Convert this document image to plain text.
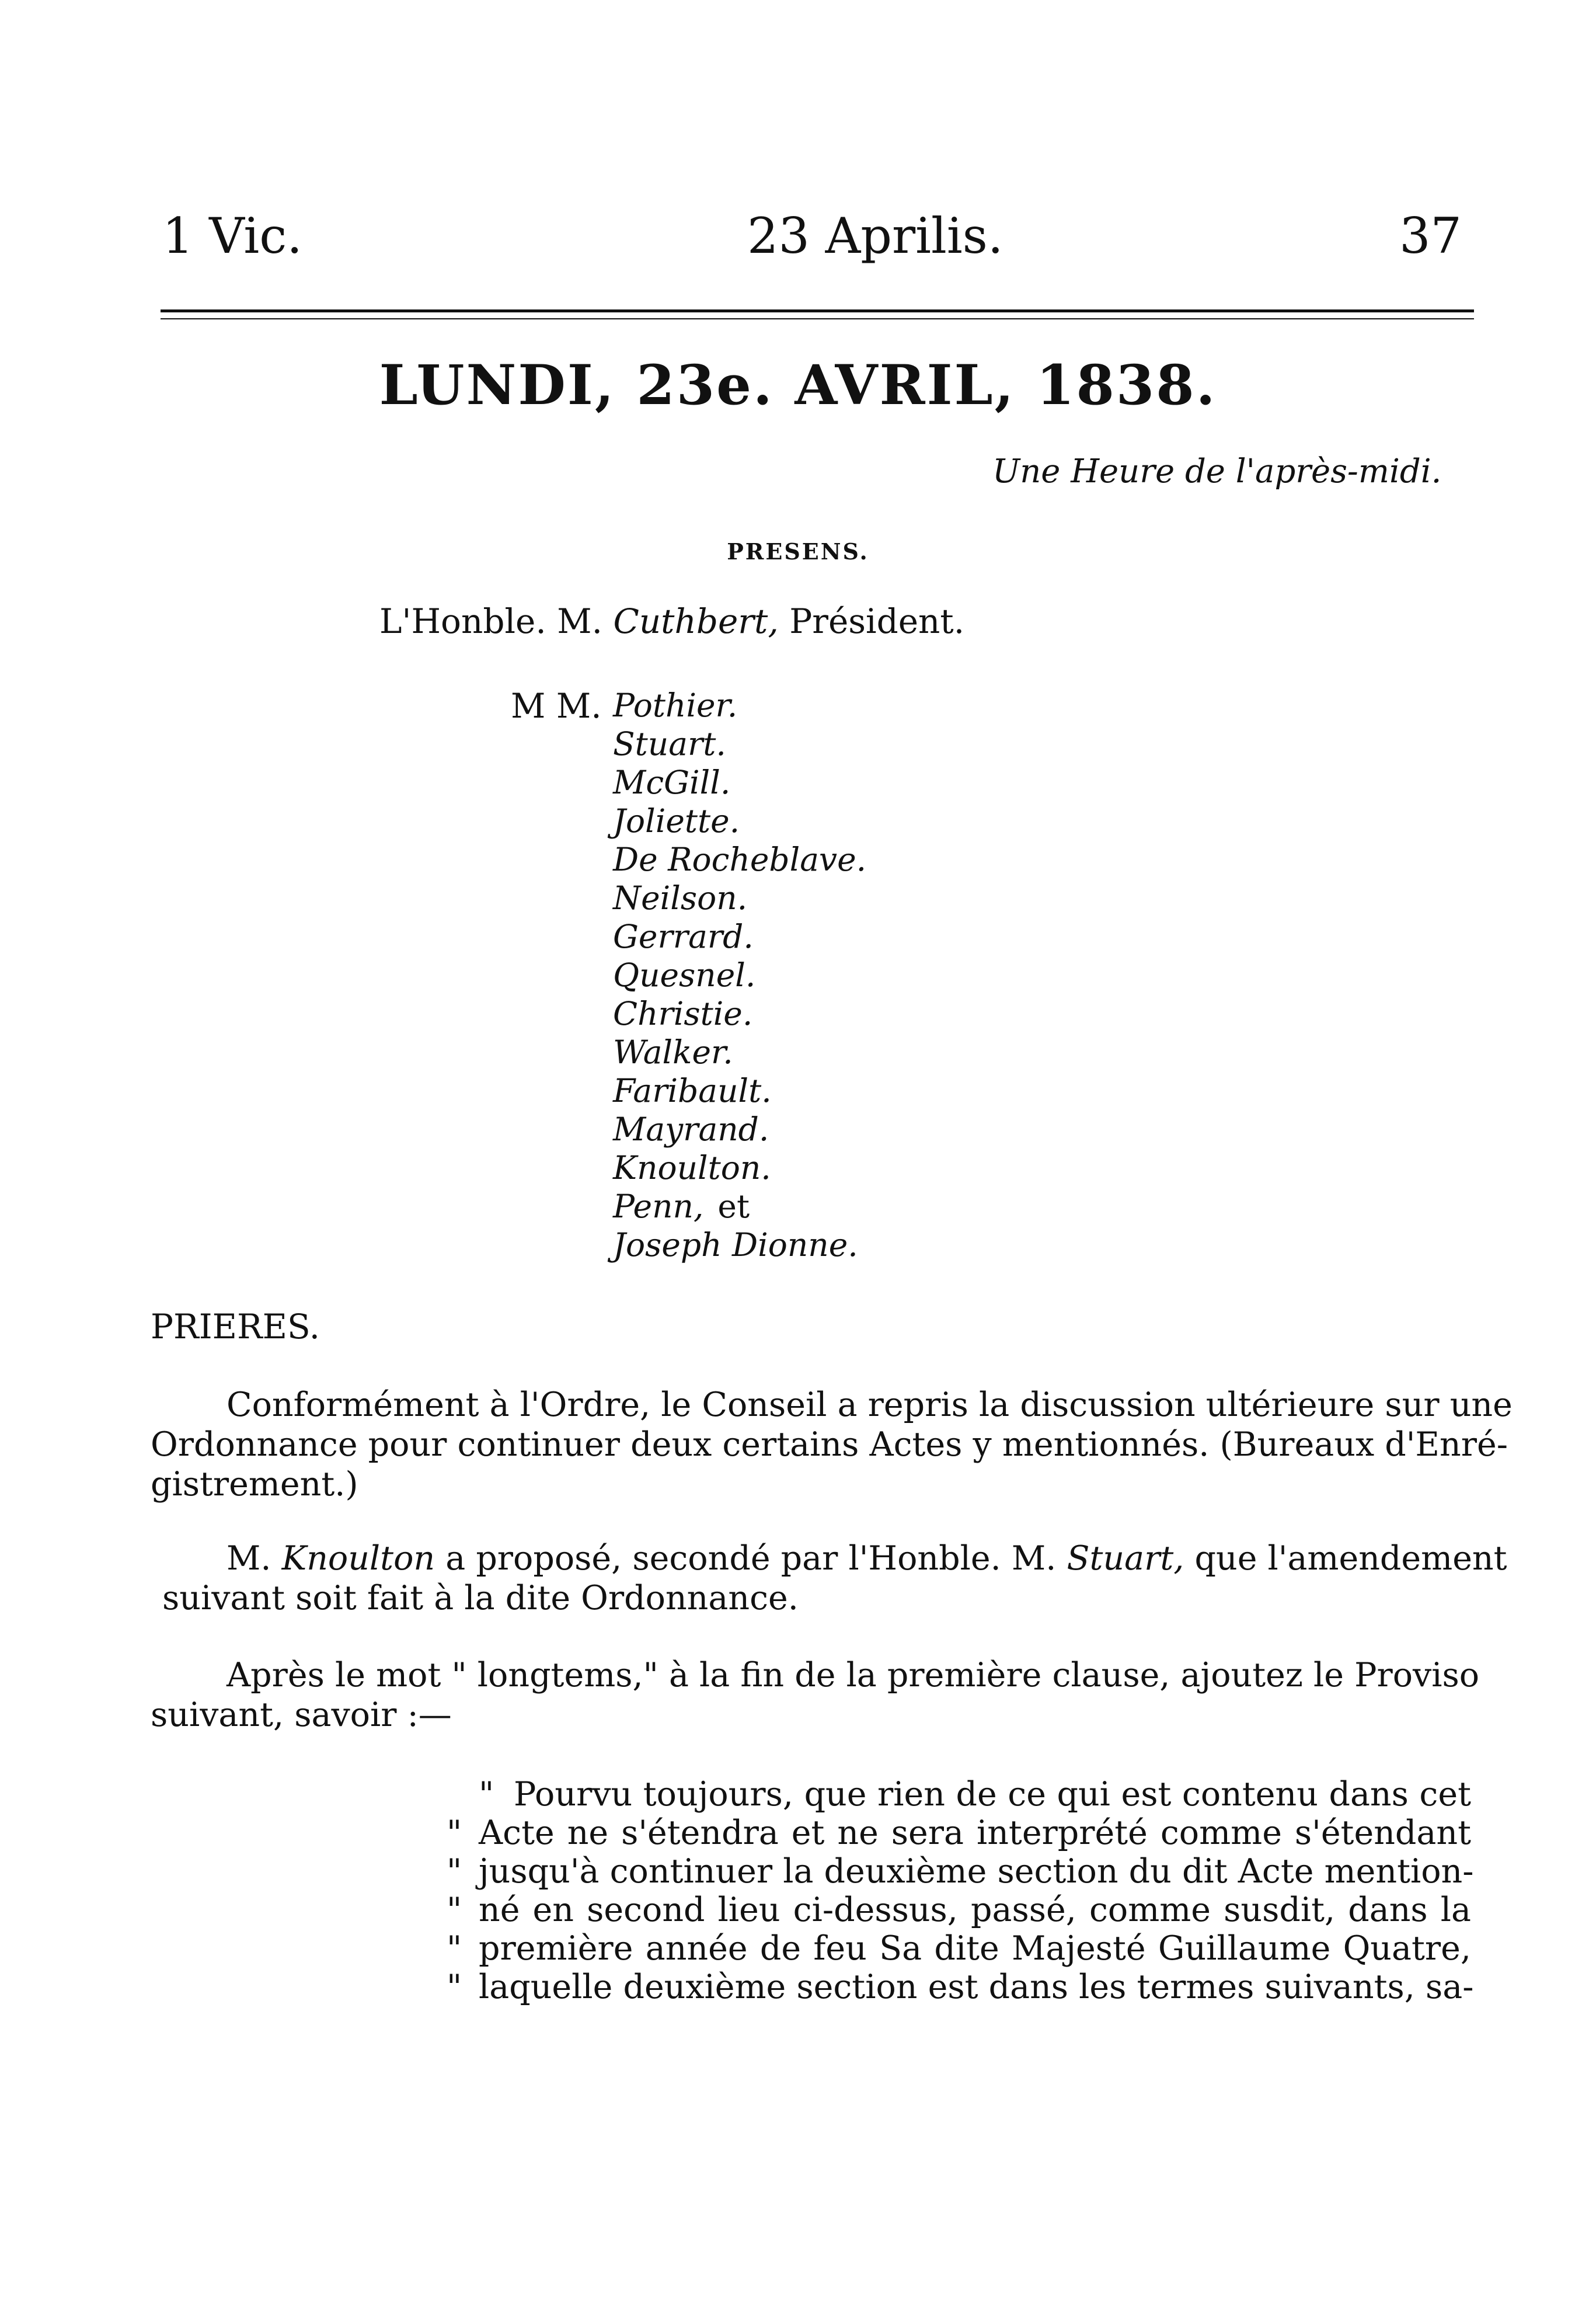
1 Vic.	23 Aprilis.	37
LUNDI, 23e. AVRIL, 1838.
Une Heure de l'après-midi.
PRESENS.
L'Honble. M. Cuthbert, Président.
M M. Pothier.
Stuart.
McGill.
Joliette.
De Rocheblave.
Neilson.
Gerrard.
Quesnel.
Christie.
Walker.
Faribault.
Mayrand.
Knoulton.
Penn, et
Joseph Dionne.
PRIERES.
Conformément à l'Ordre, le Conseil a repris la discussion ultérieure sur une
Ordonnance pour continuer deux certains Actes y mentionnés. (Bureaux d'Enré-
gistrement.)
M. Knoulton a proposé, secondé par l'Honble. M. Stuart, que l'amendement
suivant soit fait à la dite Ordonnance.
Après le mot " longtems," à la fin de la première clause, ajoutez le Proviso
suivant, savoir :—
" Pourvu toujours, que rien de ce qui est contenu dans cet
" Acte ne s'étendra et ne sera interprété comme s'étendant
" jusqu'à continuer la deuxième section du dit Acte mention-
" né en second lieu ci-dessus, passé, comme susdit, dans la
" première année de feu Sa dite Majesté Guillaume Quatre,
" laquelle deuxième section est dans les termes suivants, sa-
